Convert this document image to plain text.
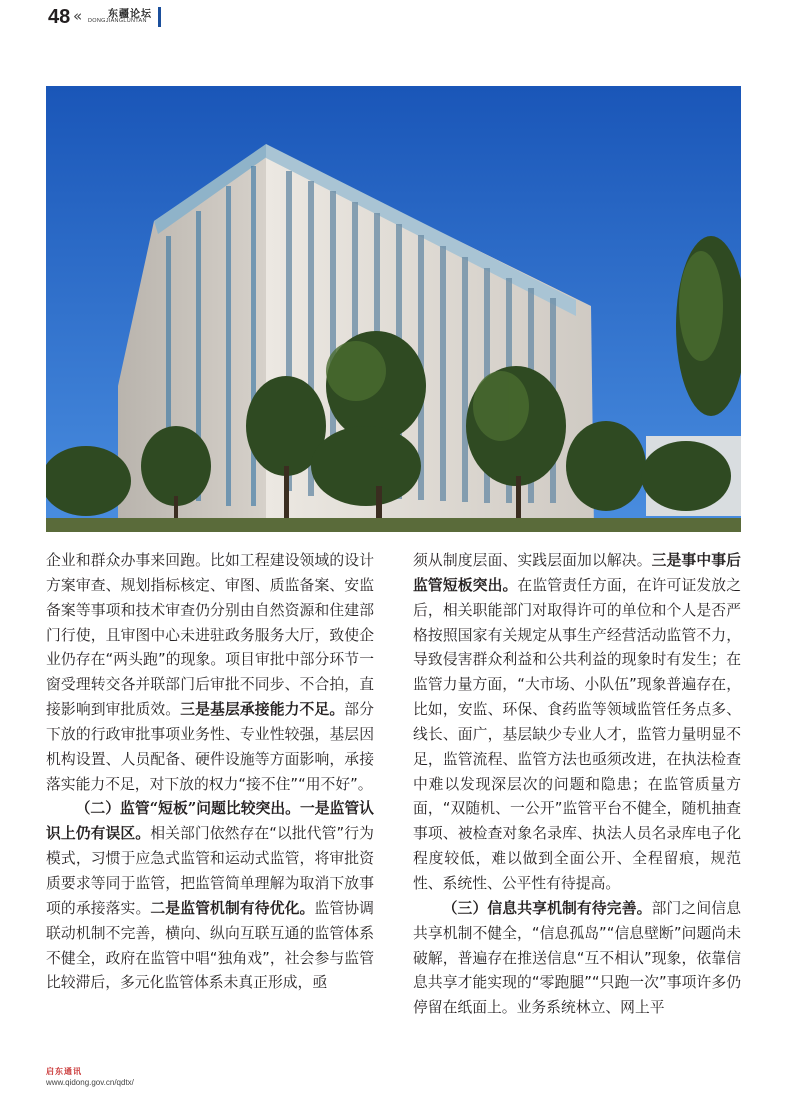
48 «	东疆论坛
DONGJIANGLUNTAN

企业和群众办事来回跑。比如工程建设领域的设计方案审查、规划指标核定、审图、质监备案、安监备案等事项和技术审查仍分别由自然资源和住建部门行使，且审图中心未进驻政务服务大厅，致使企业仍存在“两头跑”的现象。项目审批中部分环节一窗受理转交各并联部门后审批不同步、不合拍，直接影响到审批质效。三是基层承接能力不足。部分下放的行政审批事项业务性、专业性较强，基层因机构设置、人员配备、硬件设施等方面影响，承接落实能力不足，对下放的权力“接不住”“用不好”。

（二）监管“短板”问题比较突出。一是监管认识上仍有误区。相关部门依然存在“以批代管”行为模式，习惯于应急式监管和运动式监管，将审批资质要求等同于监管，把监管简单理解为取消下放事项的承接落实。二是监管机制有待优化。监管协调联动机制不完善，横向、纵向互联互通的监管体系不健全，政府在监管中唱“独角戏”，社会参与监管比较滞后，多元化监管体系未真正形成，亟

须从制度层面、实践层面加以解决。三是事中事后监管短板突出。在监管责任方面，在许可证发放之后，相关职能部门对取得许可的单位和个人是否严格按照国家有关规定从事生产经营活动监管不力，导致侵害群众利益和公共利益的现象时有发生；在监管力量方面，“大市场、小队伍”现象普遍存在，比如，安监、环保、食药监等领域监管任务点多、线长、面广，基层缺少专业人才，监管力量明显不足，监管流程、监管方法也亟须改进，在执法检查中难以发现深层次的问题和隐患；在监管质量方面，“双随机、一公开”监管平台不健全，随机抽查事项、被检查对象名录库、执法人员名录库电子化程度较低，难以做到全面公开、全程留痕，规范性、系统性、公平性有待提高。

（三）信息共享机制有待完善。部门之间信息共享机制不健全，“信息孤岛”“信息壁断”问题尚未破解，普遍存在推送信息“互不相认”现象，依靠信息共享才能实现的“零跑腿”“只跑一次”事项许多仍停留在纸面上。业务系统林立、网上平

启东通讯
www.qidong.gov.cn/qdtx/
